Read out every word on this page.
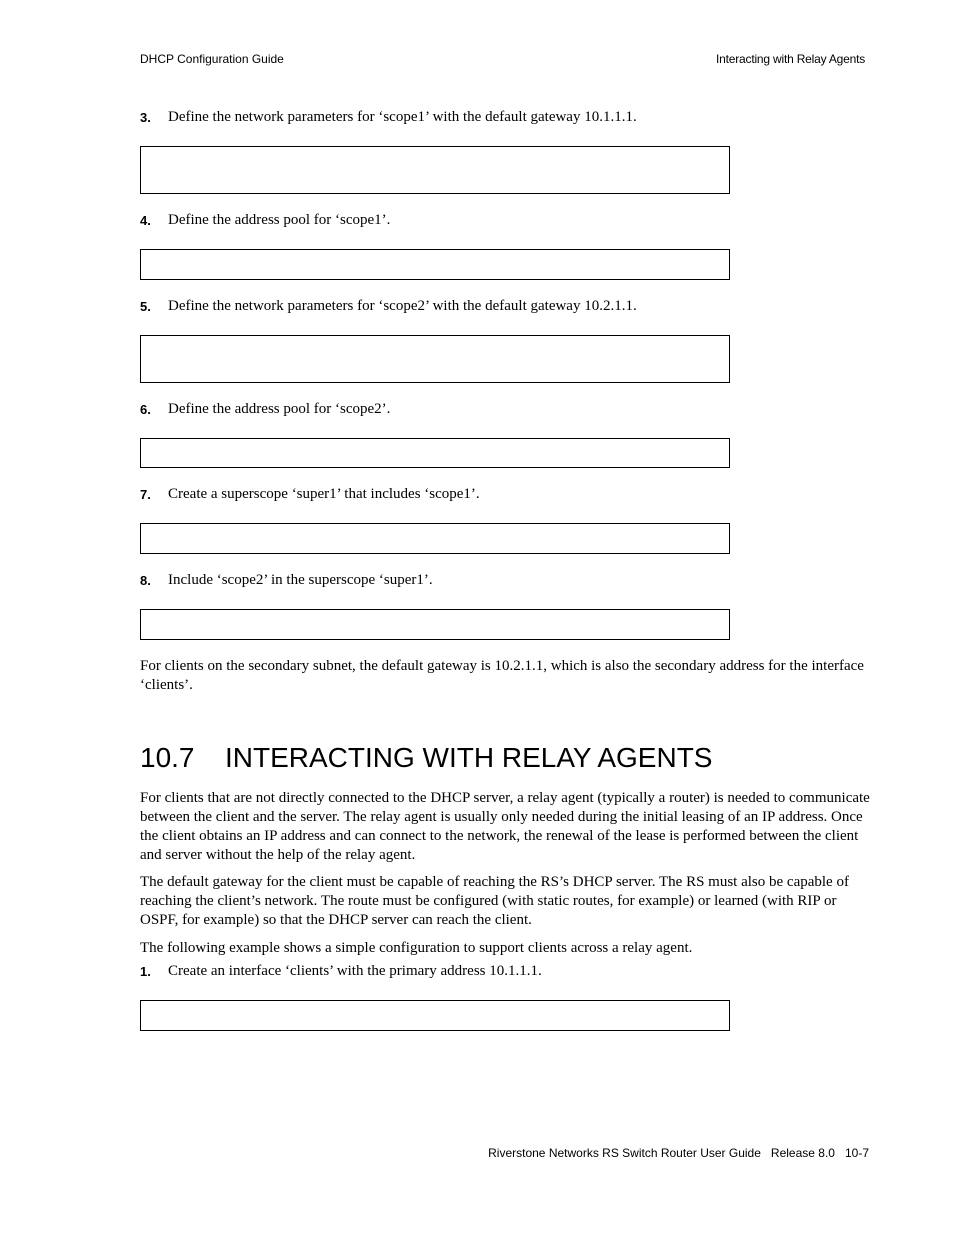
DHCP Configuration Guide	Interacting with Relay Agents
3. Define the network parameters for ‘scope1’ with the default gateway 10.1.1.1.
4. Define the address pool for ‘scope1’.
5. Define the network parameters for ‘scope2’ with the default gateway 10.2.1.1.
6. Define the address pool for ‘scope2’.
7. Create a superscope ‘super1’ that includes ‘scope1’.
8. Include ‘scope2’ in the superscope ‘super1’.
For clients on the secondary subnet, the default gateway is 10.2.1.1, which is also the secondary address for the interface ‘clients’.
10.7 INTERACTING WITH RELAY AGENTS
For clients that are not directly connected to the DHCP server, a relay agent (typically a router) is needed to communicate between the client and the server. The relay agent is usually only needed during the initial leasing of an IP address. Once the client obtains an IP address and can connect to the network, the renewal of the lease is performed between the client and server without the help of the relay agent.
The default gateway for the client must be capable of reaching the RS’s DHCP server. The RS must also be capable of reaching the client’s network. The route must be configured (with static routes, for example) or learned (with RIP or OSPF, for example) so that the DHCP server can reach the client.
The following example shows a simple configuration to support clients across a relay agent.
1. Create an interface ‘clients’ with the primary address 10.1.1.1.
Riverstone Networks RS Switch Router User Guide Release 8.0 10-7
